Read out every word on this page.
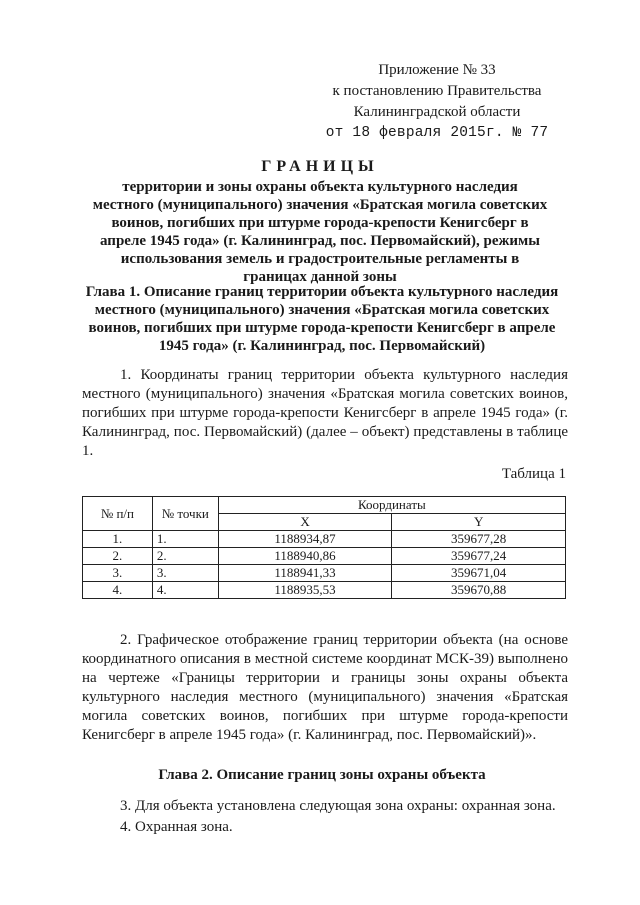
Приложение № 33
к постановлению Правительства
Калининградской области
от 18 февраля 2015г. № 77
ГРАНИЦЫ
территории и зоны охраны объекта культурного наследия местного (муниципального) значения «Братская могила советских воинов, погибших при штурме города-крепости Кенигсберг в апреле 1945 года» (г. Калининград, пос. Первомайский), режимы использования земель и градостроительные регламенты в границах данной зоны
Глава 1. Описание границ территории объекта культурного наследия местного (муниципального) значения «Братская могила советских воинов, погибших при штурме города-крепости Кенигсберг в апреле 1945 года» (г. Калининград, пос. Первомайский)

1. Координаты границ территории объекта культурного наследия местного (муниципального) значения «Братская могила советских воинов, погибших при штурме города-крепости Кенигсберг в апреле 1945 года» (г. Калининград, пос. Первомайский) (далее – объект) представлены в таблице 1.

Таблица 1
№ п/п	№ точки	Координаты	
		X	Y
1.	1.	1188934,87	359677,28
2.	2.	1188940,86	359677,24
3.	3.	1188941,33	359671,04
4.	4.	1188935,53	359670,88

2. Графическое отображение границ территории объекта (на основе координатного описания в местной системе координат МСК-39) выполнено на чертеже «Границы территории и границы зоны охраны объекта культурного наследия местного (муниципального) значения «Братская могила советских воинов, погибших при штурме города-крепости Кенигсберг в апреле 1945 года» (г. Калининград, пос. Первомайский)».

Глава 2. Описание границ зоны охраны объекта
3. Для объекта установлена следующая зона охраны: охранная зона.
4. Охранная зона.
